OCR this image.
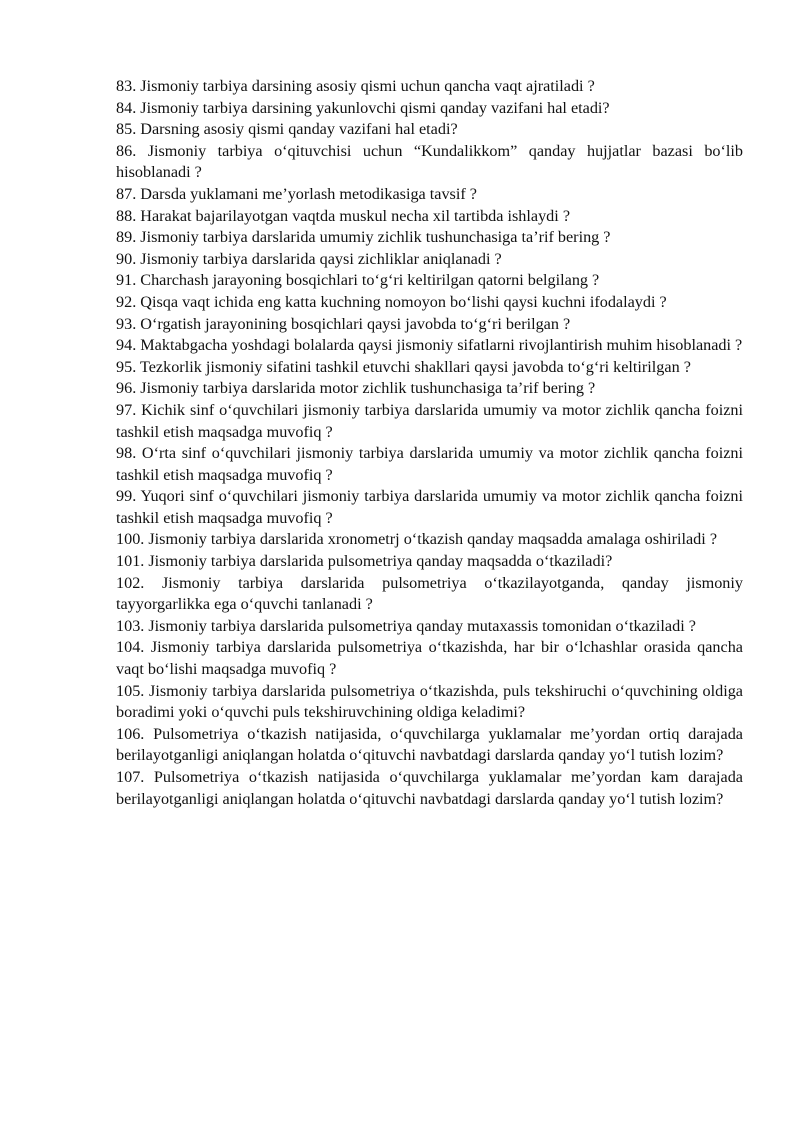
83. Jismoniy tarbiya darsining asosiy qismi uchun qancha vaqt ajratiladi ?

84. Jismoniy tarbiya darsining yakunlovchi qismi qanday vazifani hal etadi?

85. Darsning asosiy qismi qanday vazifani hal etadi?

86. Jismoniy tarbiya o‘qituvchisi uchun “Kundalikkom” qanday hujjatlar bazasi bo‘lib hisoblanadi ?

87. Darsda yuklamani me’yorlash metodikasiga tavsif ?

88. Harakat bajarilayotgan vaqtda muskul necha xil tartibda ishlaydi ?

89. Jismoniy tarbiya darslarida umumiy zichlik tushunchasiga ta’rif bering ?

90. Jismoniy tarbiya darslarida qaysi zichliklar aniqlanadi ?

91. Charchash jarayoning bosqichlari to‘g‘ri keltirilgan qatorni belgilang ?

92. Qisqa vaqt ichida eng katta kuchning nomoyon bo‘lishi qaysi kuchni ifodalaydi ?

93. O‘rgatish jarayonining bosqichlari qaysi javobda to‘g‘ri berilgan ?

94. Maktabgacha yoshdagi bolalarda qaysi jismoniy sifatlarni rivojlantirish muhim hisoblanadi ?

95. Tezkorlik jismoniy sifatini tashkil etuvchi shakllari qaysi javobda to‘g‘ri keltirilgan ?

96. Jismoniy tarbiya darslarida motor zichlik tushunchasiga ta’rif bering ?

97. Kichik sinf o‘quvchilari jismoniy tarbiya darslarida umumiy va motor zichlik qancha foizni tashkil etish maqsadga muvofiq ?

98. O‘rta sinf o‘quvchilari jismoniy tarbiya darslarida umumiy va motor zichlik qancha foizni tashkil etish maqsadga muvofiq ?

99. Yuqori sinf o‘quvchilari jismoniy tarbiya darslarida umumiy va motor zichlik qancha foizni tashkil etish maqsadga muvofiq ?

100. Jismoniy tarbiya darslarida xronometrj o‘tkazish qanday maqsadda amalaga oshiriladi ?

101. Jismoniy tarbiya darslarida pulsometriya qanday maqsadda o‘tkaziladi?

102. Jismoniy tarbiya darslarida pulsometriya o‘tkazilayotganda, qanday jismoniy tayyorgarlikka ega o‘quvchi tanlanadi ?

103. Jismoniy tarbiya darslarida pulsometriya qanday mutaxassis tomonidan o‘tkaziladi ?

104. Jismoniy tarbiya darslarida pulsometriya o‘tkazishda, har bir o‘lchashlar orasida qancha vaqt bo‘lishi maqsadga muvofiq ?

105. Jismoniy tarbiya darslarida pulsometriya o‘tkazishda, puls tekshiruchi o‘quvchining oldiga boradimi yoki o‘quvchi puls tekshiruvchining oldiga keladimi?

106. Pulsometriya o‘tkazish natijasida, o‘quvchilarga yuklamalar me’yordan ortiq darajada berilayotganligi aniqlangan holatda o‘qituvchi navbatdagi darslarda qanday yo‘l tutish lozim?

107. Pulsometriya o‘tkazish natijasida o‘quvchilarga yuklamalar me’yordan kam darajada berilayotganligi aniqlangan holatda o‘qituvchi navbatdagi darslarda qanday yo‘l tutish lozim?
